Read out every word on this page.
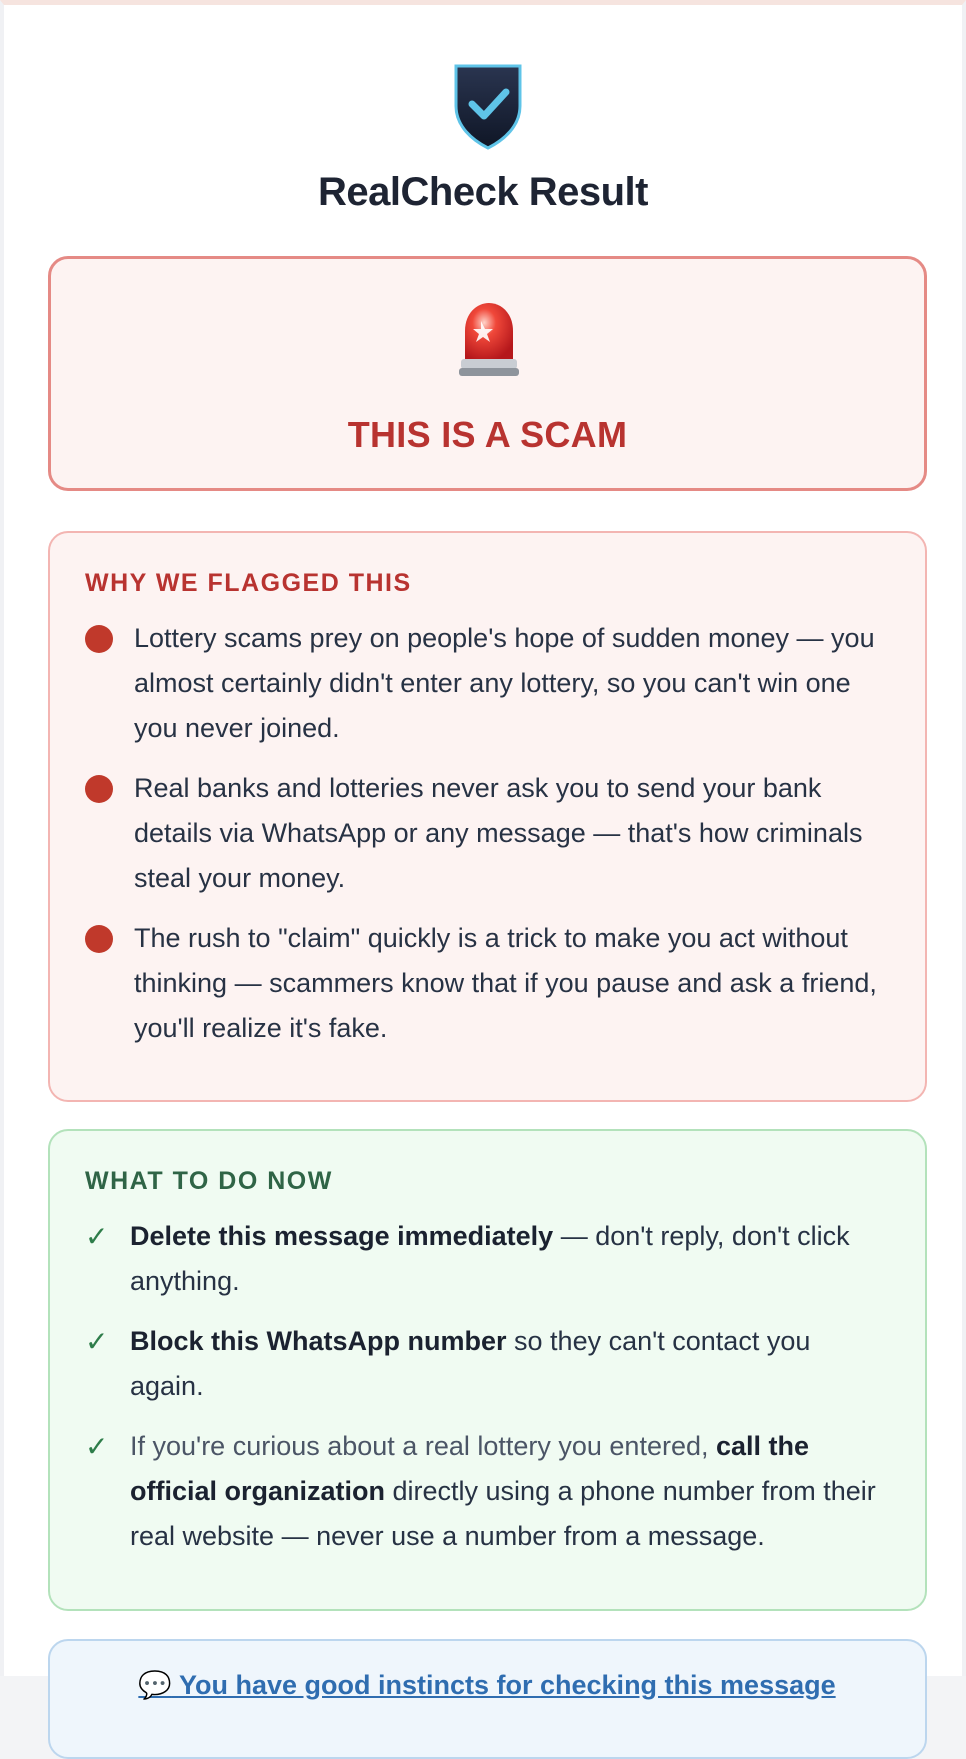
RealCheck Result
THIS IS A SCAM
WHY WE FLAGGED THIS
Lottery scams prey on people's hope of sudden money — you almost certainly didn't enter any lottery, so you can't win one you never joined.
Real banks and lotteries never ask you to send your bank details via WhatsApp or any message — that's how criminals steal your money.
The rush to "claim" quickly is a trick to make you act without thinking — scammers know that if you pause and ask a friend, you'll realize it's fake.
WHAT TO DO NOW
✓ Delete this message immediately — don't reply, don't click anything.
✓ Block this WhatsApp number so they can't contact you again.
✓ If you're curious about a real lottery you entered, call the official organization directly using a phone number from their real website — never use a number from a message.
💬 You have good instincts for checking this message
